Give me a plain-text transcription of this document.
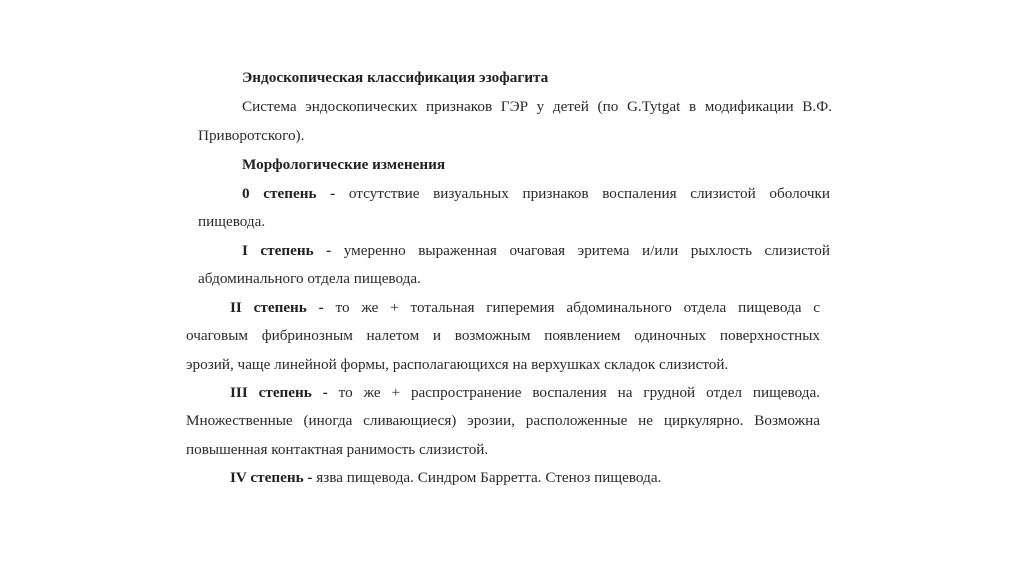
Эндоскопическая классификация эзофагита
Система эндоскопических признаков ГЭР у детей (по G.Tytgat в модификации В.Ф.
Приворотского).
Морфологические изменения
0 степень - отсутствие визуальных признаков воспаления слизистой оболочки
пищевода.
I степень - умеренно выраженная очаговая эритема и/или рыхлость слизистой
абдоминального отдела пищевода.
II степень - то же + тотальная гиперемия абдоминального отдела пищевода с
очаговым фибринозным налетом и возможным появлением одиночных поверхностных
эрозий, чаще линейной формы, располагающихся на верхушках складок слизистой.
III степень - то же + распространение воспаления на грудной отдел пищевода.
Множественные (иногда сливающиеся) эрозии, расположенные не циркулярно. Возможна
повышенная контактная ранимость слизистой.
IV степень - язва пищевода. Синдром Барретта. Стеноз пищевода.
